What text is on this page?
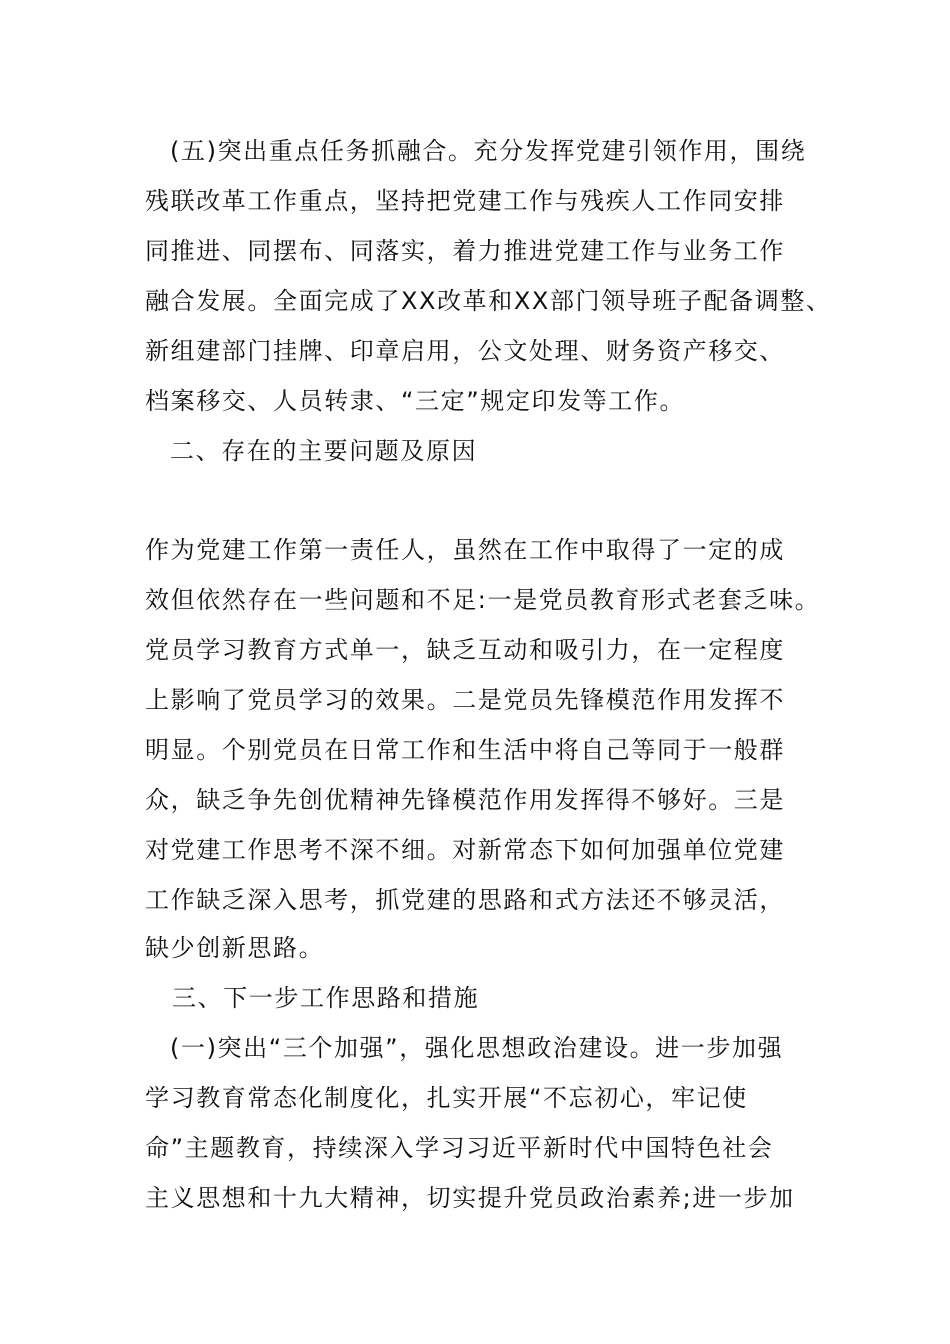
(五)突出重点任务抓融合。充分发挥党建引领作用，围绕
残联改革工作重点，坚持把党建工作与残疾人工作同安排
同推进、同摆布、同落实，着力推进党建工作与业务工作
融合发展。全面完成了XX改革和XX部门领导班子配备调整、
新组建部门挂牌、印章启用，公文处理、财务资产移交、
档案移交、人员转隶、“三定”规定印发等工作。
二、存在的主要问题及原因
作为党建工作第一责任人，虽然在工作中取得了一定的成
效但依然存在一些问题和不足:一是党员教育形式老套乏味。
党员学习教育方式单一，缺乏互动和吸引力，在一定程度
上影响了党员学习的效果。二是党员先锋模范作用发挥不
明显。个别党员在日常工作和生活中将自己等同于一般群
众，缺乏争先创优精神先锋模范作用发挥得不够好。三是
对党建工作思考不深不细。对新常态下如何加强单位党建
工作缺乏深入思考，抓党建的思路和式方法还不够灵活，
缺少创新思路。
三、下一步工作思路和措施
(一)突出“三个加强”，强化思想政治建设。进一步加强
学习教育常态化制度化，扎实开展“不忘初心，牢记使
命”主题教育，持续深入学习习近平新时代中国特色社会
主义思想和十九大精神，切实提升党员政治素养;进一步加
